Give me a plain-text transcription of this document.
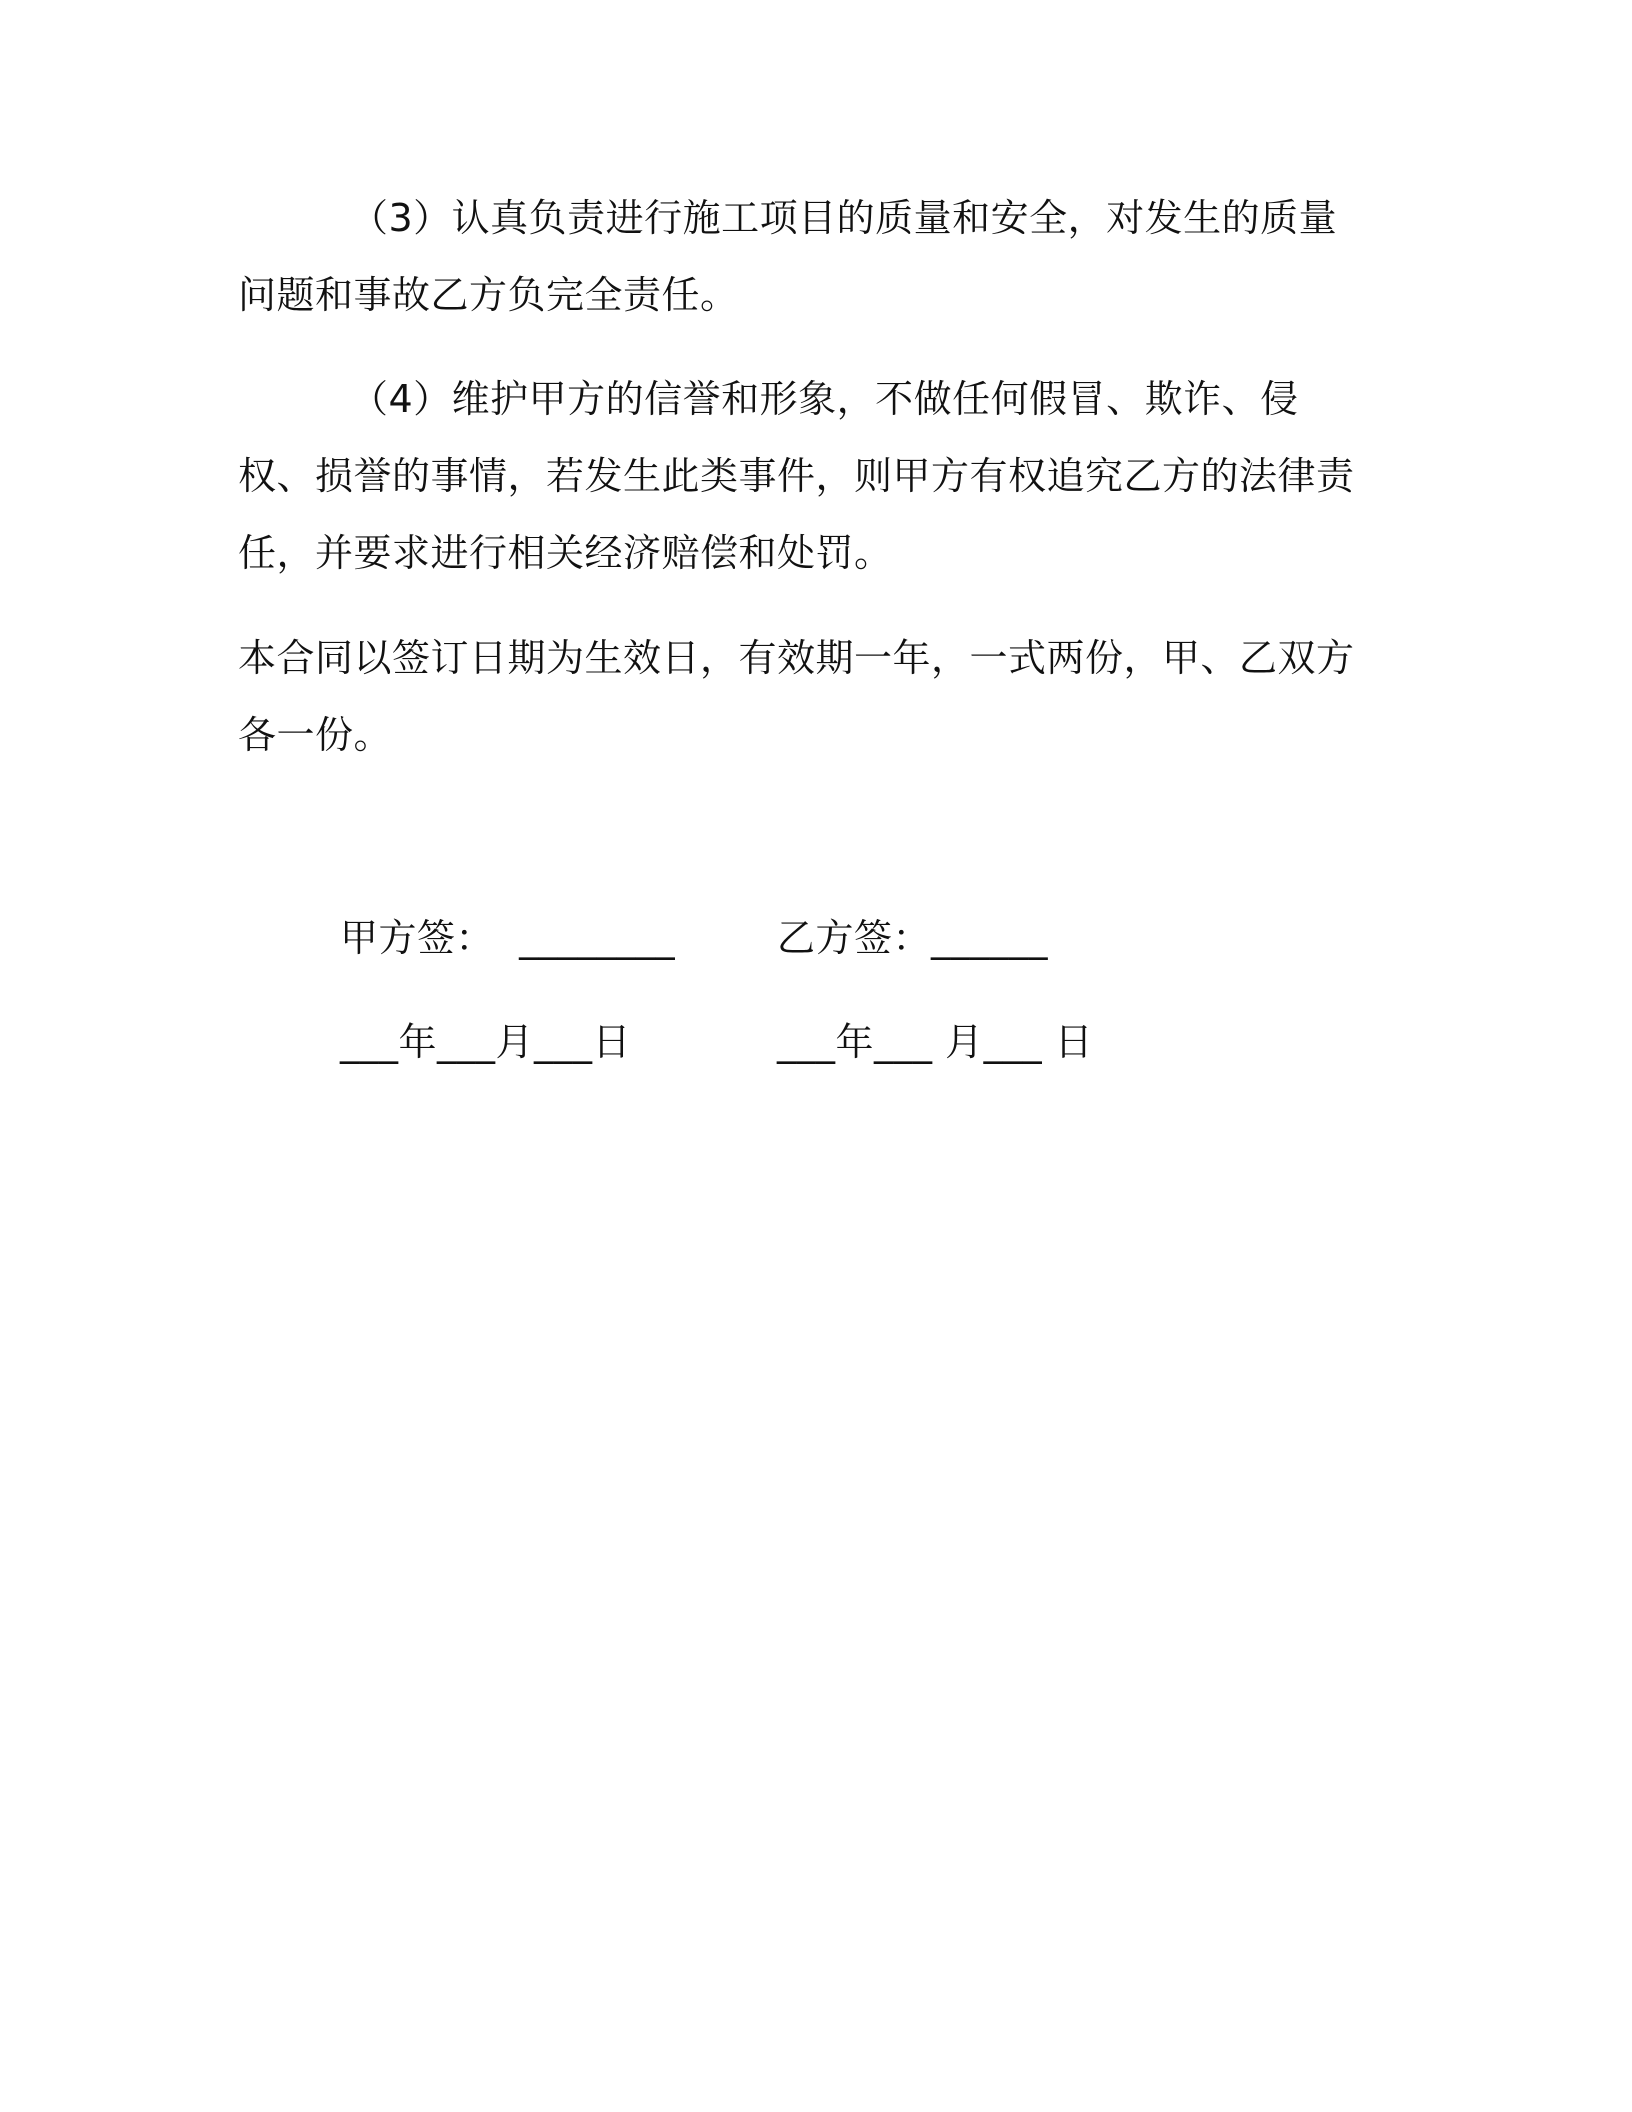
（3）认真负责进行施工项目的质量和安全，对发生的质量问题和事故乙方负完全责任。

（4）维护甲方的信誉和形象，不做任何假冒、欺诈、侵权、损誉的事情，若发生此类事件，则甲方有权追究乙方的法律责任，并要求进行相关经济赔偿和处罚。

本合同以签订日期为生效日，有效期一年，一式两份，甲、乙双方各一份。

甲方签：  ________	乙方签：______
___年___月___日	___年___ 月___ 日
